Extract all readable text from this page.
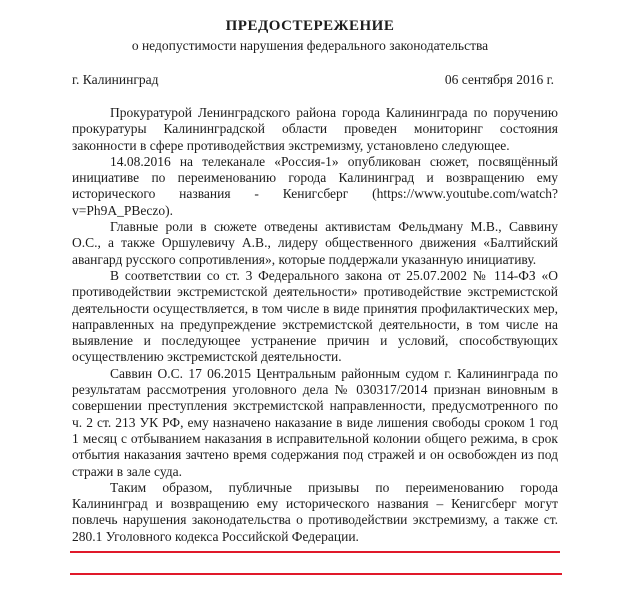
ПРЕДОСТЕРЕЖЕНИЕ
о недопустимости нарушения федерального законодательства
г. Калининград	06 сентября 2016 г.

Прокуратурой Ленинградского района города Калининграда по поручению прокуратуры Калининградской области проведен мониторинг состояния законности в сфере противодействия экстремизму, установлено следующее.

14.08.2016 на телеканале «Россия-1» опубликован сюжет, посвящённый инициативе по переименованию города Калининград и возвращению ему исторического названия - Кенигсберг (https://www.youtube.com/watch?v=Ph9A_PBeczo).

Главные роли в сюжете отведены активистам Фельдману М.В., Саввину О.С., а также Оршулевичу А.В., лидеру общественного движения «Балтийский авангард русского сопротивления», которые поддержали указанную инициативу.

В соответствии со ст. 3 Федерального закона от 25.07.2002 № 114-ФЗ «О противодействии экстремистской деятельности» противодействие экстремистской деятельности осуществляется, в том числе в виде принятия профилактических мер, направленных на предупреждение экстремистской деятельности, в том числе на выявление и последующее устранение причин и условий, способствующих осуществлению экстремистской деятельности.

Саввин О.С. 17 06.2015 Центральным районным судом г. Калининграда по результатам рассмотрения уголовного дела № 030317/2014 признан виновным в совершении преступления экстремистской направленности, предусмотренного по ч. 2 ст. 213 УК РФ, ему назначено наказание в виде лишения свободы сроком 1 год 1 месяц с отбыванием наказания в исправительной колонии общего режима, в срок отбытия наказания зачтено время содержания под стражей и он освобожден из под стражи в зале суда.

Таким образом, публичные призывы по переименованию города Калининград и возвращению ему исторического названия – Кенигсберг могут повлечь нарушения законодательства о противодействии экстремизму, а также ст. 280.1 Уголовного кодекса Российской Федерации.
